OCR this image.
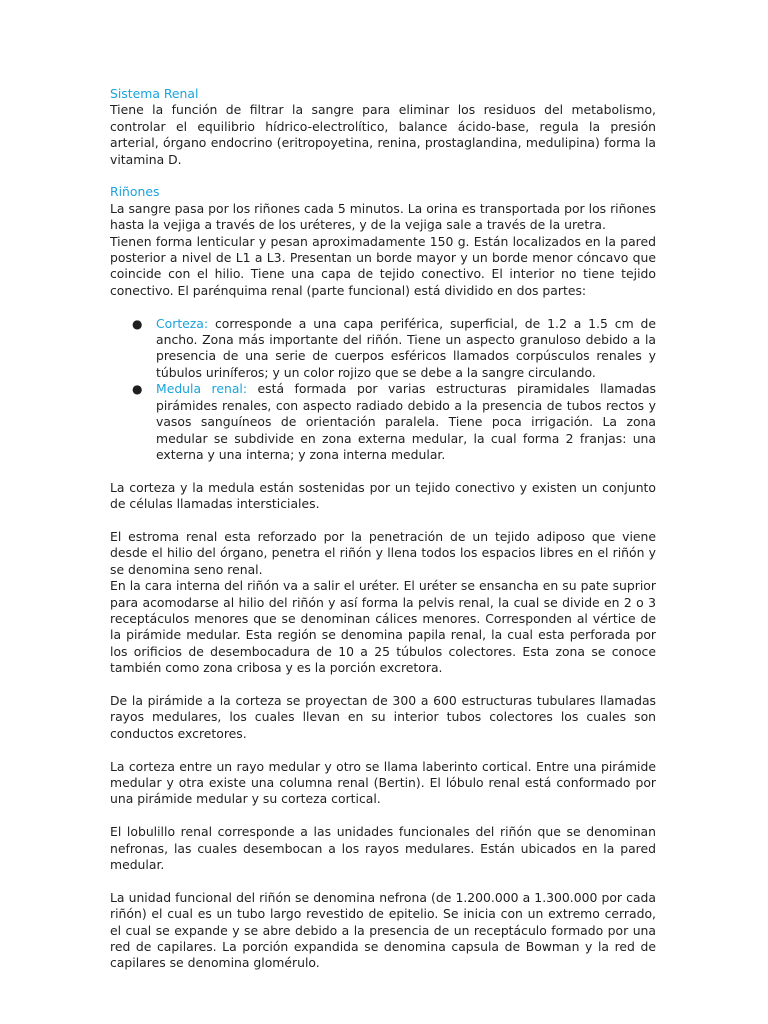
Sistema Renal

Tiene la función de filtrar la sangre para eliminar los residuos del metabolismo, controlar el equilibrio hídrico-electrolítico, balance ácido-base, regula la presión arterial, órgano endocrino (eritropoyetina, renina, prostaglandina, medulipina) forma la vitamina D.

Riñones

La sangre pasa por los riñones cada 5 minutos. La orina es transportada por los riñones hasta la vejiga a través de los uréteres, y de la vejiga sale a través de la uretra.

Tienen forma lenticular y pesan aproximadamente 150 g. Están localizados en la pared posterior a nivel de L1 a L3. Presentan un borde mayor y un borde menor cóncavo que coincide con el hilio. Tiene una capa de tejido conectivo. El interior no tiene tejido conectivo. El parénquima renal (parte funcional) está dividido en dos partes:

● Corteza: corresponde a una capa periférica, superficial, de 1.2 a 1.5 cm de ancho. Zona más importante del riñón. Tiene un aspecto granuloso debido a la presencia de una serie de cuerpos esféricos llamados corpúsculos renales y túbulos uriníferos; y un color rojizo que se debe a la sangre circulando.
● Medula renal: está formada por varias estructuras piramidales llamadas pirámides renales, con aspecto radiado debido a la presencia de tubos rectos y vasos sanguíneos de orientación paralela. Tiene poca irrigación. La zona medular se subdivide en zona externa medular, la cual forma 2 franjas: una externa y una interna; y zona interna medular.

La corteza y la medula están sostenidas por un tejido conectivo y existen un conjunto de células llamadas intersticiales.

El estroma renal esta reforzado por la penetración de un tejido adiposo que viene desde el hilio del órgano, penetra el riñón y llena todos los espacios libres en el riñón y se denomina seno renal.

En la cara interna del riñón va a salir el uréter. El uréter se ensancha en su pate suprior para acomodarse al hilio del riñón y así forma la pelvis renal, la cual se divide en 2 o 3 receptáculos menores que se denominan cálices menores. Corresponden al vértice de la pirámide medular. Esta región se denomina papila renal, la cual esta perforada por los orificios de desembocadura de 10 a 25 túbulos colectores. Esta zona se conoce también como zona cribosa y es la porción excretora.

De la pirámide a la corteza se proyectan de 300 a 600 estructuras tubulares llamadas rayos medulares, los cuales llevan en su interior tubos colectores los cuales son conductos excretores.

La corteza entre un rayo medular y otro se llama laberinto cortical. Entre una pirámide medular y otra existe una columna renal (Bertin). El lóbulo renal está conformado por una pirámide medular y su corteza cortical.

El lobulillo renal corresponde a las unidades funcionales del riñón que se denominan nefronas, las cuales desembocan a los rayos medulares. Están ubicados en la pared medular.

La unidad funcional del riñón se denomina nefrona (de 1.200.000 a 1.300.000 por cada riñón) el cual es un tubo largo revestido de epitelio. Se inicia con un extremo cerrado, el cual se expande y se abre debido a la presencia de un receptáculo formado por una red de capilares. La porción expandida se denomina capsula de Bowman y la red de capilares se denomina glomérulo.
